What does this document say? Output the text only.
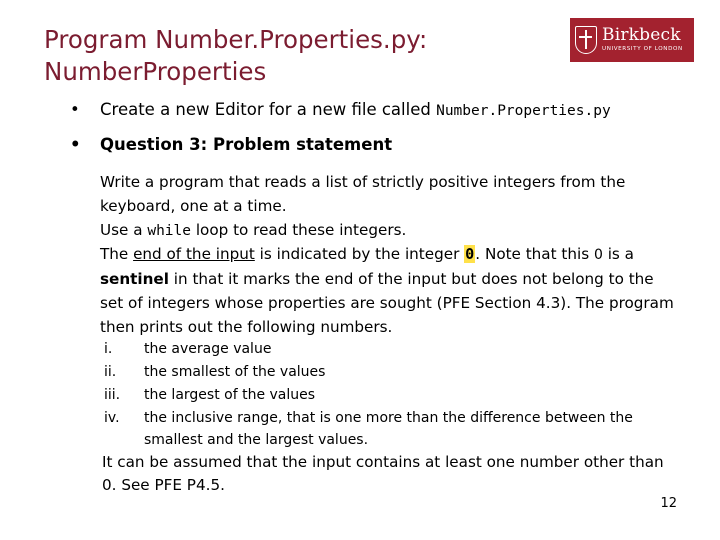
Program Number.Properties.py:
NumberProperties
Birkbeck
UNIVERSITY OF LONDON
• Create a new Editor for a new file called Number.Properties.py
• Question 3: Problem statement
Write a program that reads a list of strictly positive integers from the
keyboard, one at a time.
Use a while loop to read these integers.
The end of the input is indicated by the integer 0. Note that this 0 is a sentinel in that it marks the end of the input but does not belong to the set of integers whose properties are sought (PFE Section 4.3). The program then prints out the following numbers.
i.	the average value
ii.	the smallest of the values
iii.	the largest of the values
iv.	the inclusive range, that is one more than the difference between the smallest and the largest values.
It can be assumed that the input contains at least one number other than 0. See PFE P4.5.
12
